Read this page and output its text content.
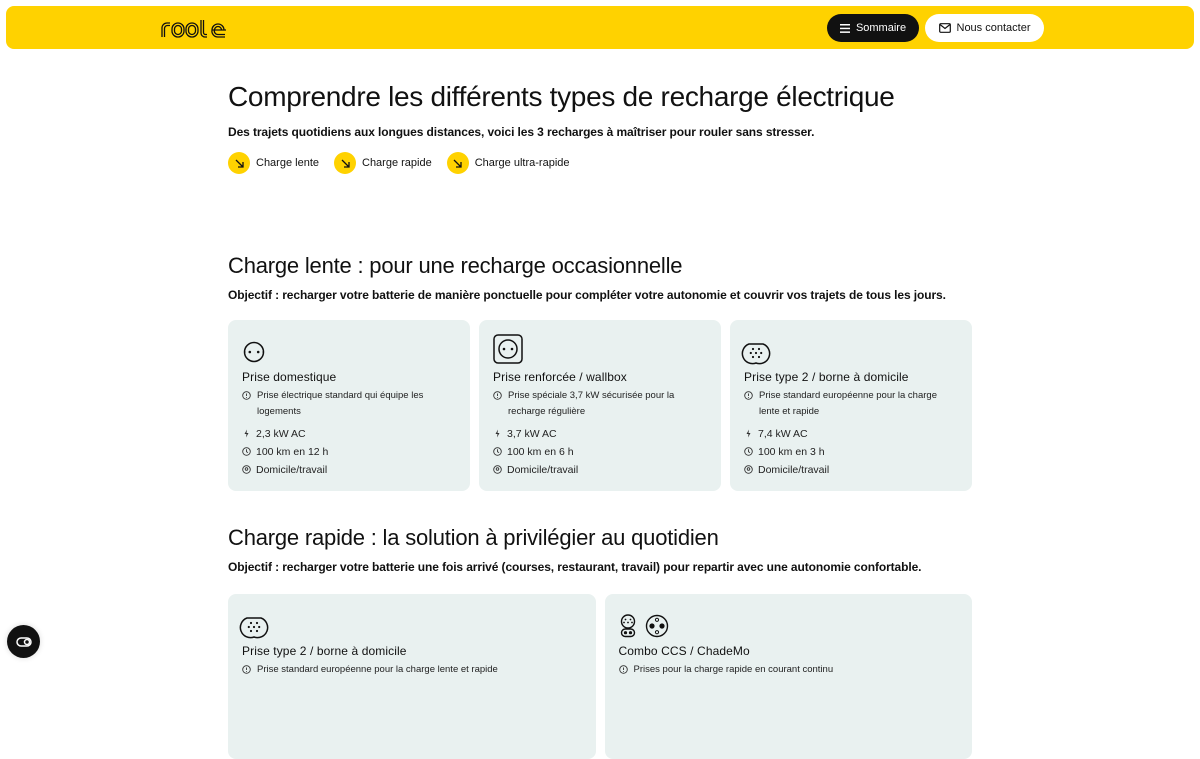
Sommaire	Nous contacter
Comprendre les différents types de recharge électrique

Des trajets quotidiens aux longues distances, voici les 3 recharges à maîtriser pour rouler sans stresser.

Charge lente	Charge rapide	Charge ultra-rapide
Charge lente : pour une recharge occasionnelle

Objectif : recharger votre batterie de manière ponctuelle pour compléter votre autonomie et couvrir vos trajets de tous les jours.

Prise domestique
Prise électrique standard qui équipe les logements
2,3 kW AC
100 km en 12 h
Domicile/travail
Prise renforcée / wallbox
Prise spéciale 3,7 kW sécurisée pour la recharge régulière
3,7 kW AC
100 km en 6 h
Domicile/travail
Prise type 2 / borne à domicile
Prise standard européenne pour la charge lente et rapide
7,4 kW AC
100 km en 3 h
Domicile/travail
Charge rapide : la solution à privilégier au quotidien

Objectif : recharger votre batterie une fois arrivé (courses, restaurant, travail) pour repartir avec une autonomie confortable.

Prise type 2 / borne à domicile
Prise standard européenne pour la charge lente et rapide
Combo CCS / ChadeMo
Prises pour la charge rapide en courant continu
